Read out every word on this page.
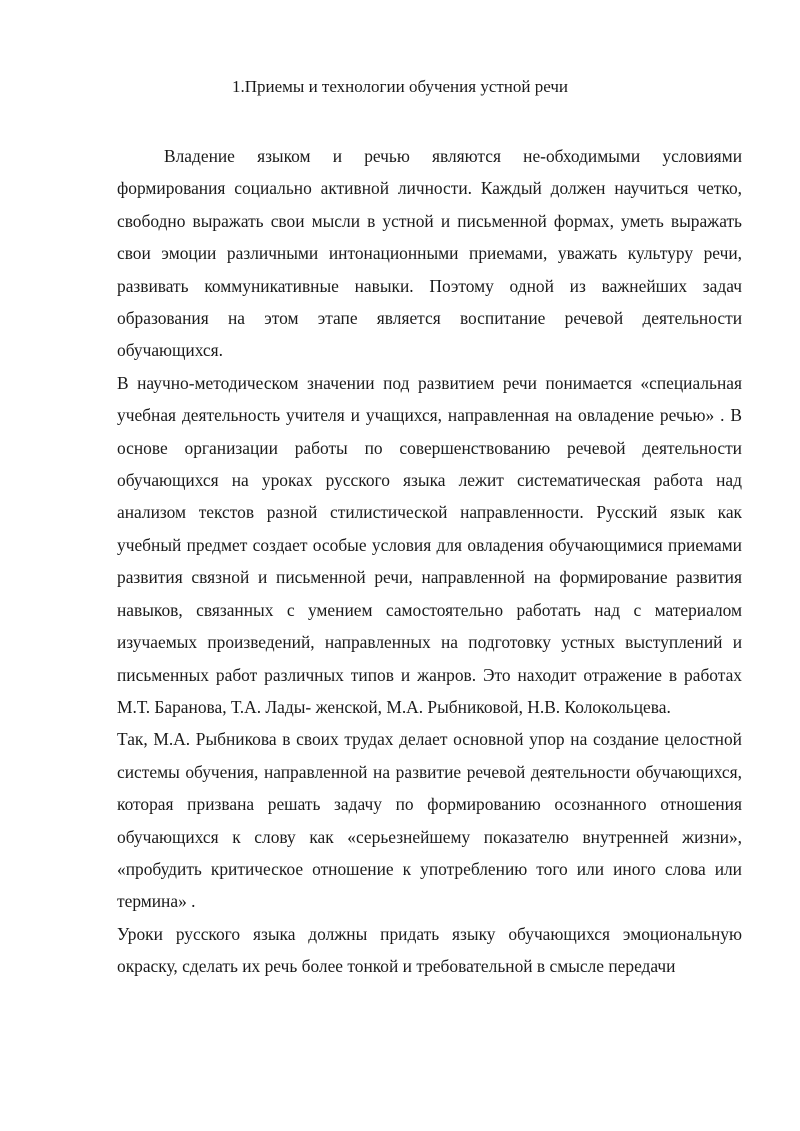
1.Приемы и технологии обучения устной речи

Владение языком и речью являются не-обходимыми условиями формирования социально активной личности. Каждый должен научиться четко, свободно выражать свои мысли в устной и письменной формах, уметь выражать свои эмоции различными интонационными приемами, уважать культуру речи, развивать коммуникативные навыки. Поэтому одной из важнейших задач образования на этом этапе является воспитание речевой деятельности обучающихся.

В научно-методическом значении под развитием речи понимается «специальная учебная деятельность учителя и учащихся, направленная на овладение речью» . В основе организации работы по совершенствованию речевой деятельности обучающихся на уроках русского языка лежит систематическая работа над анализом текстов разной стилистической направленности. Русский язык как учебный предмет создает особые условия для овладения обучающимися приемами развития связной и письменной речи, направленной на формирование развития навыков, связанных с умением самостоятельно работать над с материалом изучаемых произведений, направленных на подготовку устных выступлений и письменных работ различных типов и жанров. Это находит отражение в работах М.Т. Баранова, Т.А. Лады- женской, М.А. Рыбниковой, Н.В. Колокольцева.

Так, М.А. Рыбникова в своих трудах делает основной упор на создание целостной системы обучения, направленной на развитие речевой деятельности обучающихся, которая призвана решать задачу по формированию осознанного отношения обучающихся к слову как «серьезнейшему показателю внутренней жизни», «пробудить критическое отношение к употреблению того или иного слова или термина» .

Уроки русского языка должны придать языку обучающихся эмоциональную окраску, сделать их речь более тонкой и требовательной в смысле передачи
